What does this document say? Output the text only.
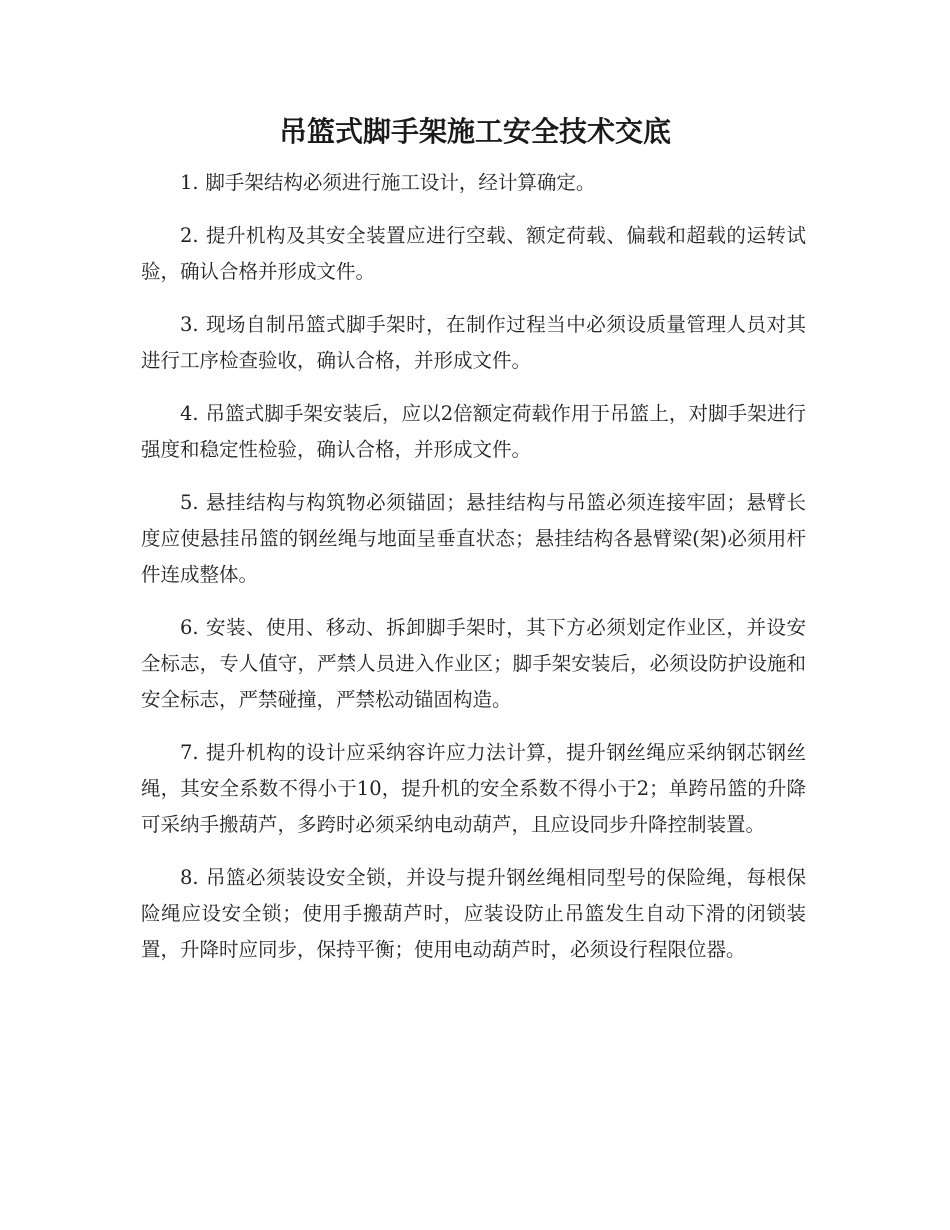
吊篮式脚手架施工安全技术交底

1. 脚手架结构必须进行施工设计，经计算确定。

2. 提升机构及其安全装置应进行空载、额定荷载、偏载和超载的运转试验，确认合格并形成文件。

3. 现场自制吊篮式脚手架时，在制作过程当中必须设质量管理人员对其进行工序检查验收，确认合格，并形成文件。

4. 吊篮式脚手架安装后，应以2倍额定荷载作用于吊篮上，对脚手架进行强度和稳定性检验，确认合格，并形成文件。

5. 悬挂结构与构筑物必须锚固；悬挂结构与吊篮必须连接牢固；悬臂长度应使悬挂吊篮的钢丝绳与地面呈垂直状态；悬挂结构各悬臂梁(架)必须用杆件连成整体。

6. 安装、使用、移动、拆卸脚手架时，其下方必须划定作业区，并设安全标志，专人值守，严禁人员进入作业区；脚手架安装后，必须设防护设施和安全标志，严禁碰撞，严禁松动锚固构造。

7. 提升机构的设计应采纳容许应力法计算，提升钢丝绳应采纳钢芯钢丝绳，其安全系数不得小于10，提升机的安全系数不得小于2；单跨吊篮的升降可采纳手搬葫芦，多跨时必须采纳电动葫芦，且应设同步升降控制装置。

8. 吊篮必须装设安全锁，并设与提升钢丝绳相同型号的保险绳，每根保险绳应设安全锁；使用手搬葫芦时，应装设防止吊篮发生自动下滑的闭锁装置，升降时应同步，保持平衡；使用电动葫芦时，必须设行程限位器。
